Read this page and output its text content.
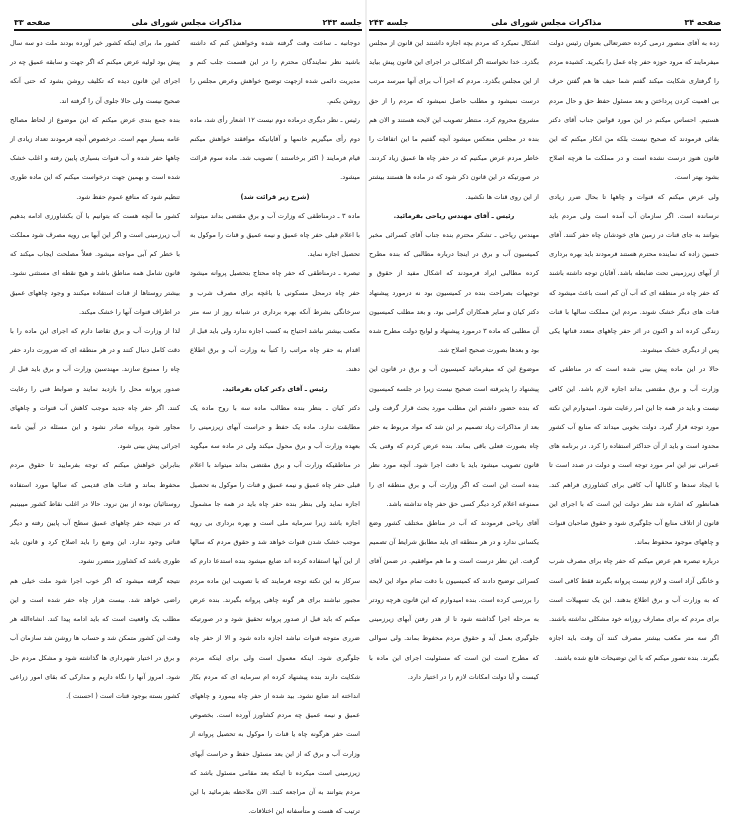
جلسه ۲۴۳
مذاکرات مجلس شورای ملی
صفحه ۳۳

دوجانبه ـ ساعت وقت گرفته شده وخواهش کنم که داشته باشید نظر نمایندگان محترم را در این قسمت جلب کنم و مدیریت دائمی شده ازجهت توضیح خواهش وعرض مجلس را روشن بکنم.

رئیس ـ نظر دیگری درماده دوم نیست ۱۲ اشعار رأی شد، ماده دوم رأی میگیریم خانمها و آقایانیکه موافقند خواهش میکنم قیام فرمایند ( اکثر برخاستند ) تصویب شد. ماده سوم قرائت میشود.

(شرح زیر قرائت شد)

ماده ۳ ـ درمناطقی که وزارت آب و برق مقتضی بداند میتواند با اعلام قبلی حفر چاه عمیق و نیمه عمیق و قنات را موکول به تحصیل اجازه نماید.

تبصره ـ درمناطقی که حفر چاه محتاج بتحصیل پروانه میشود حفر چاه درمحل مسکونی یا باغچه برای مصرف شرب و سرخانگی بشرط آنکه بهره برداری در شبانه روز از سه متر مکعب بیشتر نباشد احتیاج به کسب اجازه ندارد ولی باید قبل از اقدام به حفر چاه مراتب را کتباً به وزارت آب و برق اطلاع دهند.

رئیس ـ آقای دکتر کیان بفرمائید.

دکتر کیان ـ بنظر بنده مطالب ماده سه با روح ماده یک مطابقت ندارد. ماده یک حفظ و حراست آبهای زیرزمینی را بعهده وزارت آب و برق محول میکند ولی در ماده سه میگوید در مناطقیکه وزارت آب و برق مقتضی بداند میتواند با اعلام قبلی حفر چاه عمیق و نیمه عمیق و قنات را موکول به تحصیل اجازه نماید ولی بنظر بنده حفر چاه باید در همه جا مشمول اجازه باشد زیرا سرمایه ملی است و بهره برداری بی رویه موجب خشک شدن قنوات خواهد شد و حقوق مردم که سالها از این آبها استفاده کرده اند ضایع میشود بنده استدعا دارم که سرکار به این نکته توجه فرمایند که با تصویب این ماده مردم مجبور نباشند برای هر گونه چاهی پروانه بگیرند. بنده عرض میکنم که باید قبل از صدور پروانه تحقیق شود و در صورتیکه ضرری متوجه قنوات نباشد اجازه داده شود و الا از حفر چاه جلوگیری شود. اینکه معمول است ولی برای اینکه مردم شکایت دارند بنده پیشنهاد کرده ام سرمایه ای که مردم بکار انداخته اند ضایع نشود. بید شده از حفر چاه بیمورد و چاههای عمیق و نیمه عمیق چه مردم کشاورز آورده است. بخصوص است حفر هرگونه چاه یا قنات را موکول به تحصیل پروانه از وزارت آب و برق که از این بعد مسئول حفظ و حراست آبهای زیرزمینی است میکرده تا اینکه بعد مقامی مسئول باشد که مردم بتوانند به آن مراجعه کنند. الان ملاحظه بفرمائید با این ترتیب که هست و متأسفانه این اختلافات.

کشور ما، برای اینکه کشور خیر آورده بودند ملت دو سه سال پیش بود لولیه عرض میکنم که اگر جهت و سابقه عمیق چه در اجرای این قانون دیده که تکلیف روشن بشود که حتی آنکه صحیح نیست ولی حالا جلوی آن را گرفته اند.

بنده جمع بندی عرض میکنم که این موضوع از لحاظ مصالح عامه بسیار مهم است. درخصوص آنچه فرمودند تعداد زیادی از چاهها حفر شده و آب قنوات بسیاری پایین رفته و اغلب خشک شده است و بهمین جهت درخواست میکنم که این ماده طوری تنظیم شود که منافع عموم حفظ شود.

کشور ما آنچه هست که بتوانیم با آن بکشاورزی ادامه بدهیم آب زیرزمینی است و اگر این آبها بی رویه مصرف شود مملکت با خطر کم آبی مواجه میشود. فعلاً مصلحت ایجاب میکند که قانون شامل همه مناطق باشد و هیچ نقطه ای مستثنی نشود. بیشتر روستاها از قنات استفاده میکنند و وجود چاههای عمیق در اطراف قنوات آنها را خشک میکند.

لذا از وزارت آب و برق تقاضا دارم که اجرای این ماده را با دقت کامل دنبال کنند و در هر منطقه ای که ضرورت دارد حفر چاه را ممنوع سازند. مهندسین وزارت آب و برق باید قبل از صدور پروانه محل را بازدید نمایند و ضوابط فنی را رعایت کنند. اگر حفر چاه جدید موجب کاهش آب قنوات و چاههای مجاور شود پروانه صادر نشود و این مسئله در آیین نامه اجرائی پیش بینی شود.

بنابراین خواهش میکنم که توجه بفرمایید تا حقوق مردم محفوظ بماند و قنات های قدیمی که سالها مورد استفاده روستائیان بوده از بین نرود. حالا در اغلب نقاط کشور میبینیم که در نتیجه حفر چاههای عمیق سطح آب پایین رفته و دیگر قناتی وجود ندارد. این وضع را باید اصلاح کرد و قانون باید طوری باشد که کشاورز متضرر نشود.

نتیجه گرفته میشود که اگر خوب اجرا شود ملت خیلی هم راضی خواهد شد. بیست هزار چاه حفر شده است و این مطلب یک واقعیت است که باید ادامه پیدا کند. انشاءالله هر وقت این کشور متمکن شد و حساب ها روشن شد سازمان آب و برق در اختیار شهرداری ها گذاشته شود و مشکل مردم حل شود. امروز آنها را نگاه داریم و مدارکی که بقای امور زراعی کشور بسته بوجود قنات است ( احسنت ).

صفحه ۳۴
مذاکرات مجلس شورای ملی
جلسه ۲۴۳

زده به آقای منصور درمی کرده حضرتعالی بعنوان رئیس دولت میفرمایند که مرود حوزه حفر چاه عمل را بکیرید. کشیده مردم را گرفتاری شکایت میکند گفتم شما حیف ها هم گفتن حرف بی اهمیت کردن پرداختن و بعد مسئول حفظ حق و حال مردم هستیم. احساس میکنم در این مورد قوانین جناب آقای دکتر بقائی فرمودند که صحیح نیست بلکه من انکار میکنم که این قانون هنوز درست نشده است و در مملکت ما هرچه اصلاح بشود بهتر است.

ولی عرض میکنم که قنوات و چاهها تا بحال ضرر زیادی نرسانده است. اگر سازمان آب آمده است ولی مردم باید بتوانند به جای قنات در زمین های خودشان چاه حفر کنند. آقای حسین زاده که نماینده محترم هستند فرمودند باید بهره برداری از آبهای زیرزمینی تحت ضابطه باشد. آقایان توجه داشته باشند که حفر چاه در منطقه ای که آب آن کم است باعث میشود که قنات های دیگر خشک شوند. مردم این مملکت سالها با قنات زندگی کرده اند و اکنون در اثر حفر چاههای متعدد قناتها یکی پس از دیگری خشک میشوند.

حالا در این ماده پیش بینی شده است که در مناطقی که وزارت آب و برق مقتضی بداند اجازه لازم باشد. این کافی نیست و باید در همه جا این امر رعایت شود. امیدوارم این نکته مورد توجه قرار گیرد. دولت بخوبی میداند که منابع آب کشور محدود است و باید از آن حداکثر استفاده را کرد. در برنامه های عمرانی نیز این امر مورد توجه است و دولت در صدد است تا با ایجاد سدها و کانالها آب کافی برای کشاورزی فراهم کند. همانطور که اشاره شد نظر دولت این است که با اجرای این قانون از اتلاف منابع آب جلوگیری شود و حقوق صاحبان قنوات و چاههای موجود محفوظ بماند.

درباره تبصره هم عرض میکنم که حفر چاه برای مصرف شرب و خانگی آزاد است و لازم نیست پروانه بگیرند فقط کافی است که به وزارت آب و برق اطلاع بدهند. این یک تسهیلات است برای مردم که برای مصارف روزانه خود مشکلی نداشته باشند. اگر سه متر مکعب بیشتر مصرف کنند آن وقت باید اجازه بگیرند. بنده تصور میکنم که با این توضیحات قانع شده باشند.

اشکال نمیکرد که مردم بچه اجازه داشتند این قانون از مجلس بگذرد. خدا نخواسته اگر اشکالی در اجرای این قانون پیش بیاید از این مجلس بگذرد. مردم که اجرا آب برای آنها میرسد مرتب درست نمیشود و مطلب حاصل نمیشود که مردم را از حق مشروع محروم کرد. منتظر تصویب این لایحه هستند و الان هم بنده در مجلس منعکس میشود آنچه گفتیم ما این اتفاقات را خاطر مردم عرض میکنیم که در حفر چاه ها عمیق زیاد کردند. در صورتیکه در این قانون ذکر شود که در ماده ها هستند بیشتر از این روی قنات ها نکشید.

رئیس ـ آقای مهندس ریاحی بفرمائید.

مهندس ریاحی ـ تشکر محترم بنده جناب آقای کسرائی مخبر کمیسیون آب و برق در اینجا درباره مطالبی که بنده مطرح کرده مطالبی ایراد فرمودند که اشکال مفید از حقوق و توجیهات بصراحت بنده در کمیسیون بود نه درمورد پیشنهاد دکتر کیان و سایر همکاران گرامی بود. و بعد مطلب کمیسیون آن مطلبی که ماده ۳ درمورد پیشنهاد و لوایح دولت مطرح شده بود و بعدها بصورت صحیح اصلاح شد.

موضوع این که میفرمائید کمیسیون آب و برق در قانون این پیشنهاد را پذیرفته است صحیح نیست زیرا در جلسه کمیسیون که بنده حضور داشتم این مطلب مورد بحث قرار گرفت ولی بعد از مذاکرات زیاد تصمیم بر این شد که مواد مربوط به حفر چاه بصورت فعلی باقی بماند. بنده عرض کردم که وقتی یک قانون تصویب میشود باید با دقت اجرا شود. آنچه مورد نظر بنده است این است که اگر وزارت آب و برق منطقه ای را ممنوعه اعلام کرد دیگر کسی حق حفر چاه نداشته باشد.

آقای ریاحی فرمودند که آب در مناطق مختلف کشور وضع یکسانی ندارد و در هر منطقه ای باید مطابق شرایط آن تصمیم گرفت. این نظر درست است و ما هم موافقیم. در ضمن آقای کسرائی توضیح دادند که کمیسیون با دقت تمام مواد این لایحه را بررسی کرده است. بنده امیدوارم که این قانون هرچه زودتر به مرحله اجرا گذاشته شود تا از هدر رفتن آبهای زیرزمینی جلوگیری بعمل آید و حقوق مردم محفوظ بماند. ولی سوالی که مطرح است این است که مسئولیت اجرای این ماده با کیست و آیا دولت امکانات لازم را در اختیار دارد.
